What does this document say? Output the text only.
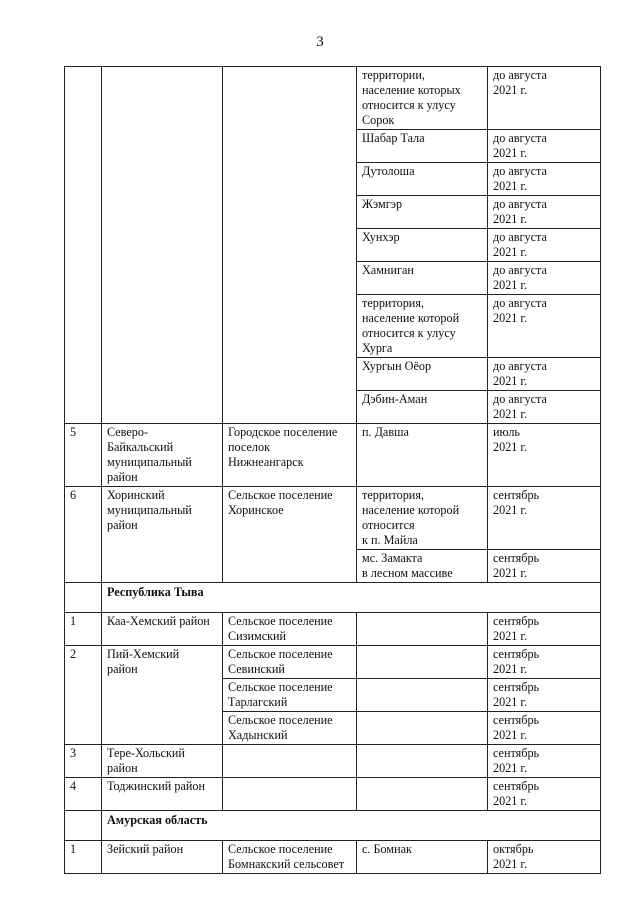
3
			территории,
население которых
относится к улусу
Сорок	до августа
2021 г.
			Шабар Тала	до августа
2021 г.
			Дутолоша	до августа
2021 г.
			Жэмгэр	до августа
2021 г.
			Хунхэр	до августа
2021 г.
			Хамниган	до августа
2021 г.
			территория,
население которой
относится к улусу
Хурга	до августа
2021 г.
			Хургын Оёор	до августа
2021 г.
			Дэбин-Аман	до августа
2021 г.
5	Северо-
Байкальский
муниципальный
район	Городское поселение
поселок
Нижнеангарск	п. Давша	июль
2021 г.
6	Хоринский
муниципальный
район	Сельское поселение
Хоринское	территория,
население которой
относится
к п. Майла	сентябрь
2021 г.
			мс. Замакта
в лесном массиве	сентябрь
2021 г.
	Республика Тыва			
1	Каа-Хемский район	Сельское поселение
Сизимский		сентябрь
2021 г.
2	Пий-Хемский
район	Сельское поселение
Севинский		сентябрь
2021 г.
		Сельское поселение
Тарлагский		сентябрь
2021 г.
		Сельское поселение
Хадынский		сентябрь
2021 г.
3	Тере-Хольский
район			сентябрь
2021 г.
4	Тоджинский район			сентябрь
2021 г.
	Амурская область			
1	Зейский район	Сельское поселение
Бомнакский сельсовет	с. Бомнак	октябрь
2021 г.
